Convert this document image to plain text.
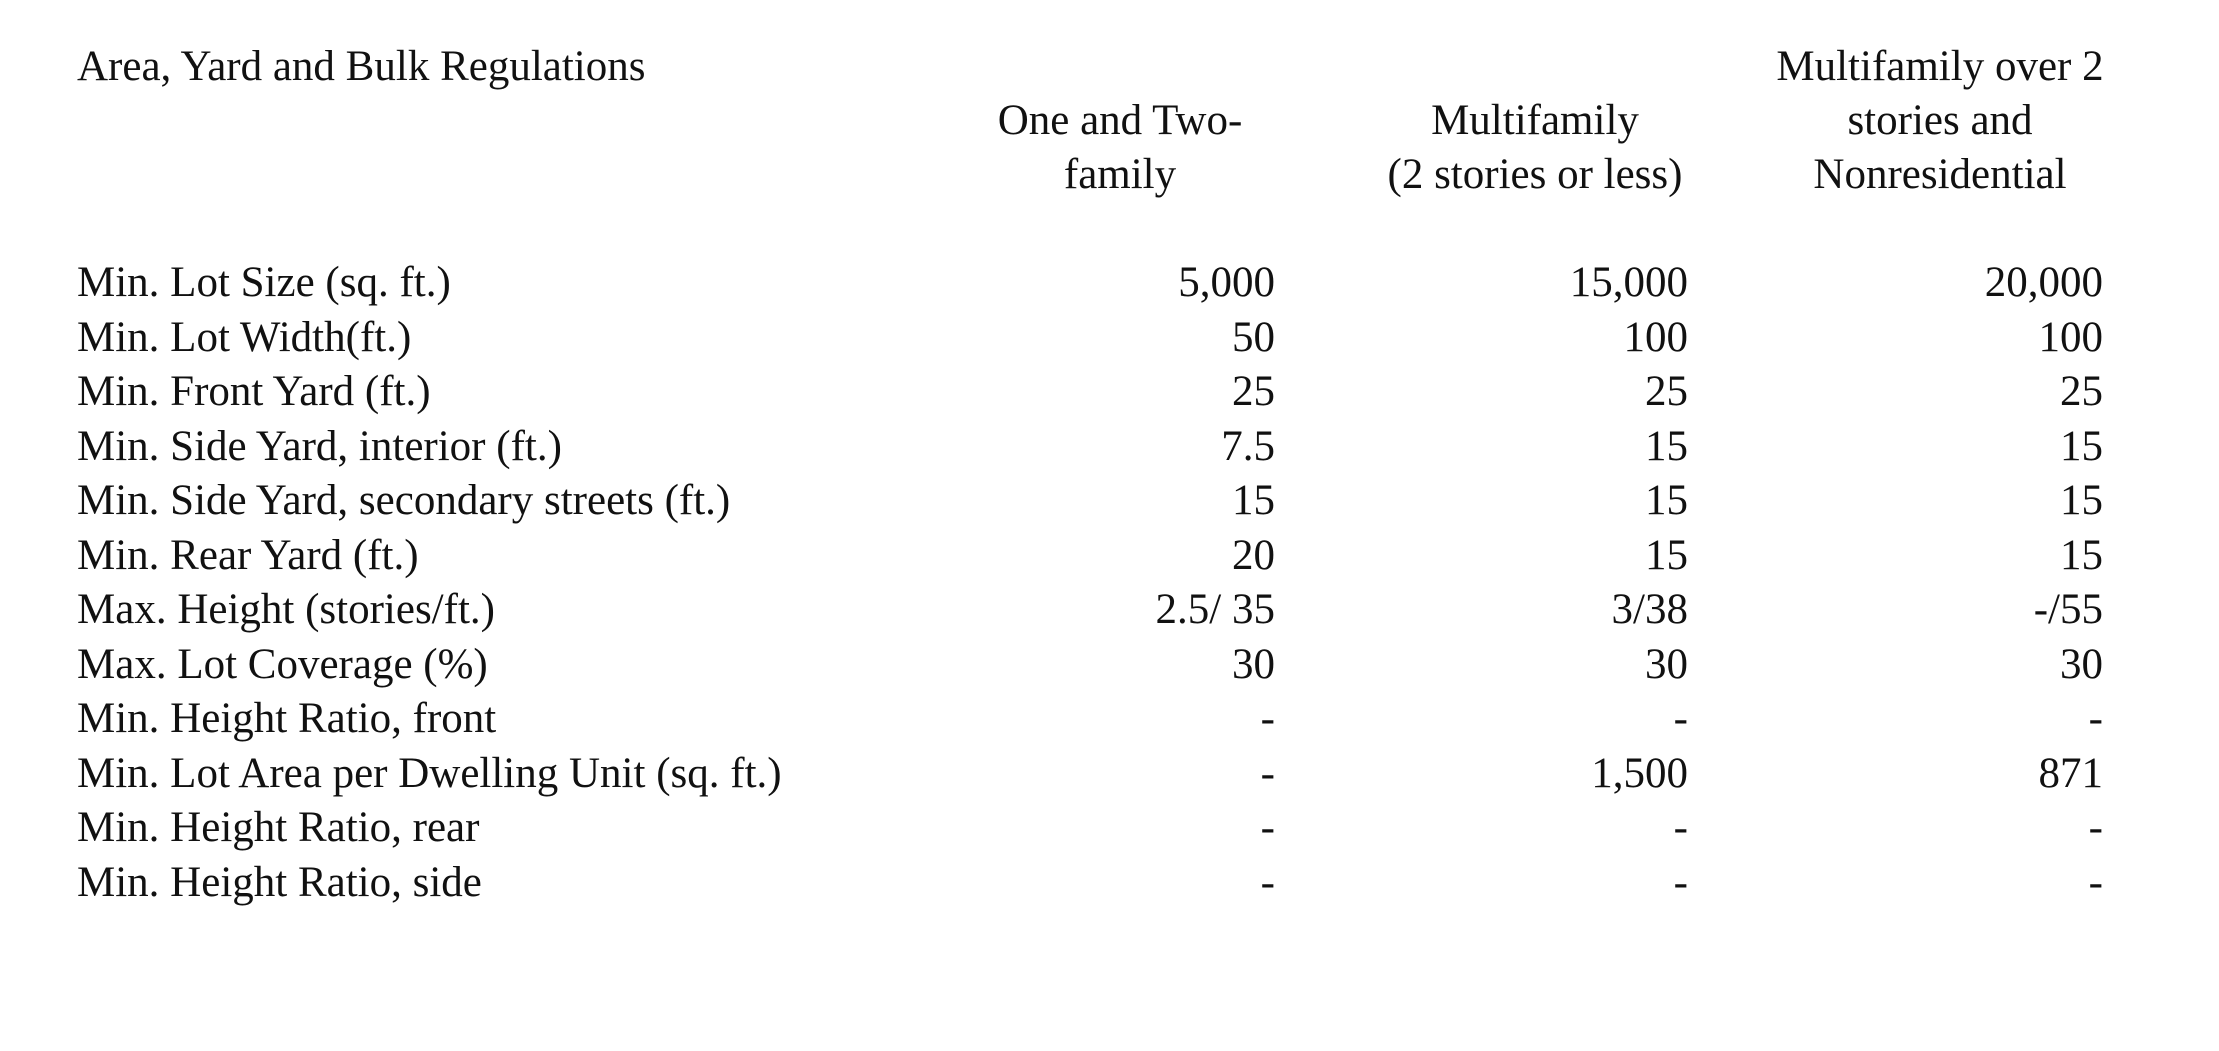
Area, Yard and Bulk Regulations
One and Two-
family
Multifamily
(2 stories or less)
Multifamily over 2
stories and
Nonresidential
Min. Lot Size (sq. ft.)	5,000	15,000	20,000
Min. Lot Width(ft.)	50	100	100
Min. Front Yard (ft.)	25	25	25
Min. Side Yard, interior (ft.)	7.5	15	15
Min. Side Yard, secondary streets (ft.)	15	15	15
Min. Rear Yard (ft.)	20	15	15
Max. Height (stories/ft.)	2.5/ 35	3/38	-/55
Max. Lot Coverage (%)	30	30	30
Min. Height Ratio, front	-	-	-
Min. Lot Area per Dwelling Unit (sq. ft.)	-	1,500	871
Min. Height Ratio, rear	-	-	-
Min. Height Ratio, side	-	-	-
